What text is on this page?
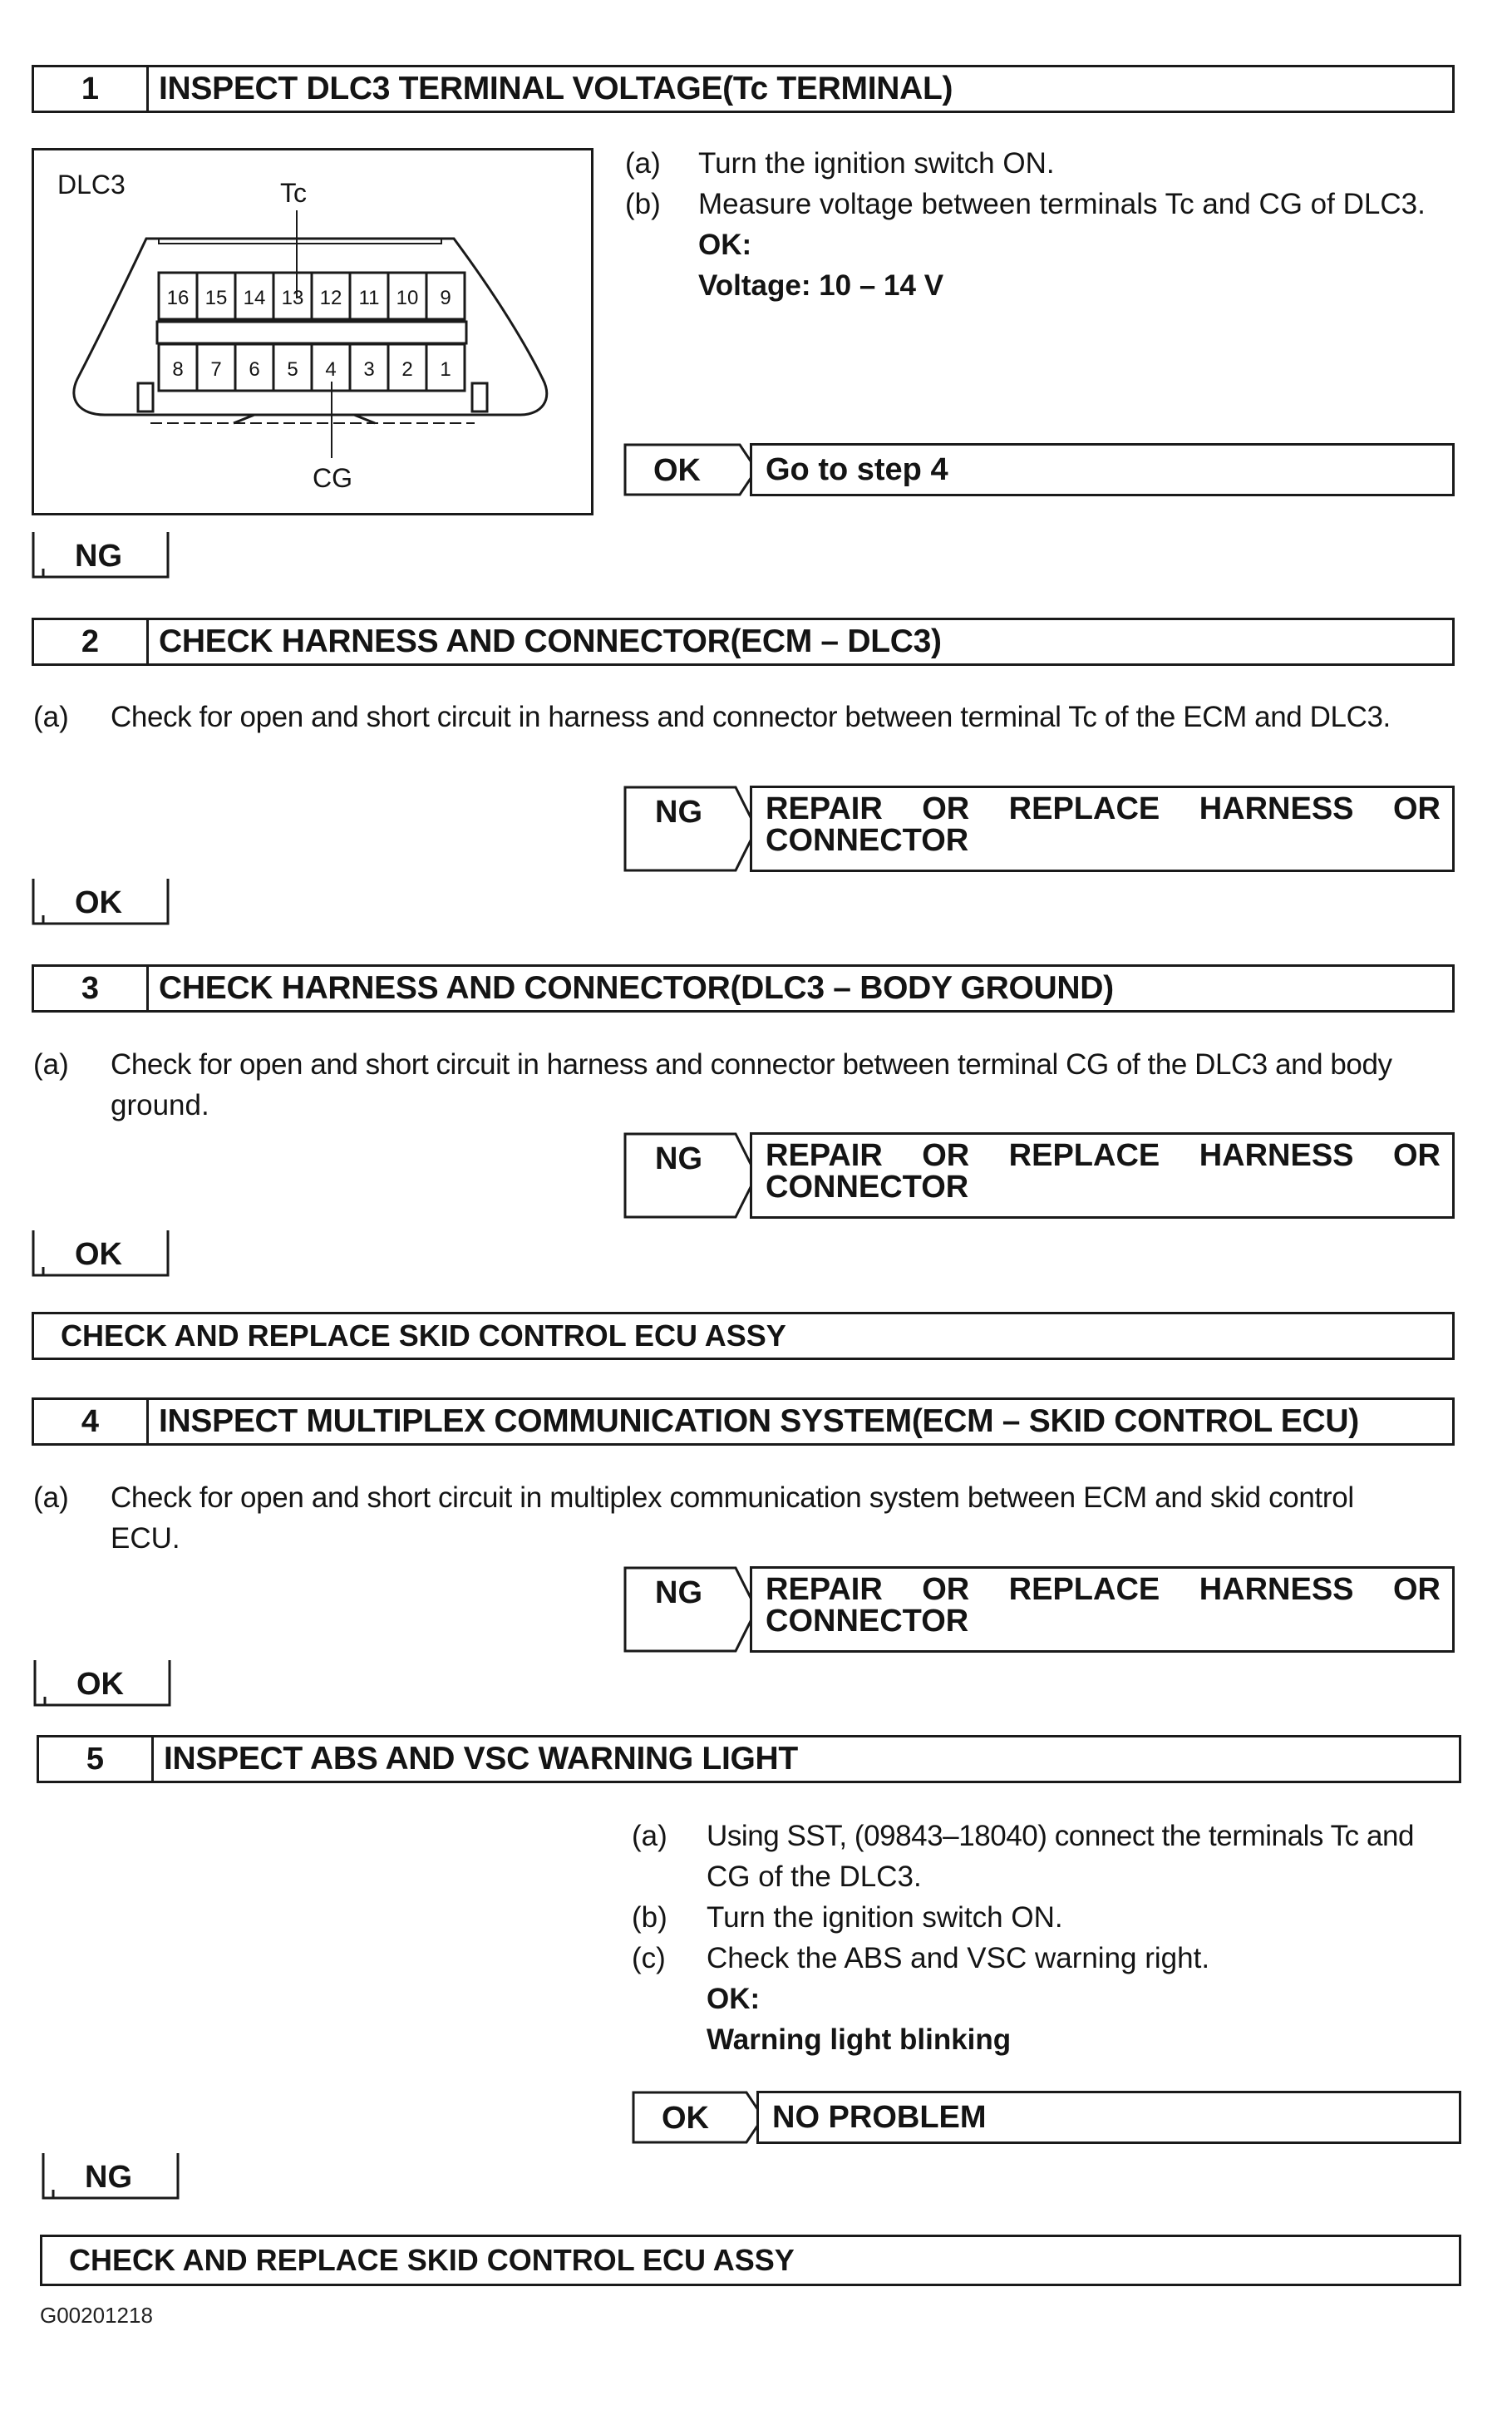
1	INSPECT DLC3 TERMINAL VOLTAGE(Tc TERMINAL)
DLC3	Tc
CG
16 15 14 13 12 11 10 9
8 7 6 5 4 3 2 1
(a)	Turn the ignition switch ON.
(b)	Measure voltage between terminals Tc and CG of DLC3.
OK:
Voltage: 10 – 14 V
OK Go to step 4
NG
2	CHECK HARNESS AND CONNECTOR(ECM – DLC3)
(a)	Check for open and short circuit in harness and connector between terminal Tc of the ECM and DLC3.
NG REPAIR OR REPLACE HARNESS OR
CONNECTOR
OK
3	CHECK HARNESS AND CONNECTOR(DLC3 – BODY GROUND)
(a)	Check for open and short circuit in harness and connector between terminal CG of the DLC3 and body
ground.
NG REPAIR OR REPLACE HARNESS OR
CONNECTOR
OK
CHECK AND REPLACE SKID CONTROL ECU ASSY
4	INSPECT MULTIPLEX COMMUNICATION SYSTEM(ECM – SKID CONTROL ECU)
(a)	Check for open and short circuit in multiplex communication system between ECM and skid control
ECU.
NG REPAIR OR REPLACE HARNESS OR
CONNECTOR
OK
5	INSPECT ABS AND VSC WARNING LIGHT
(a)	Using SST, (09843–18040) connect the terminals Tc and
CG of the DLC3.
(b)	Turn the ignition switch ON.
(c)	Check the ABS and VSC warning right.
OK:
Warning light blinking
OK NO PROBLEM
NG
CHECK AND REPLACE SKID CONTROL ECU ASSY
G00201218
